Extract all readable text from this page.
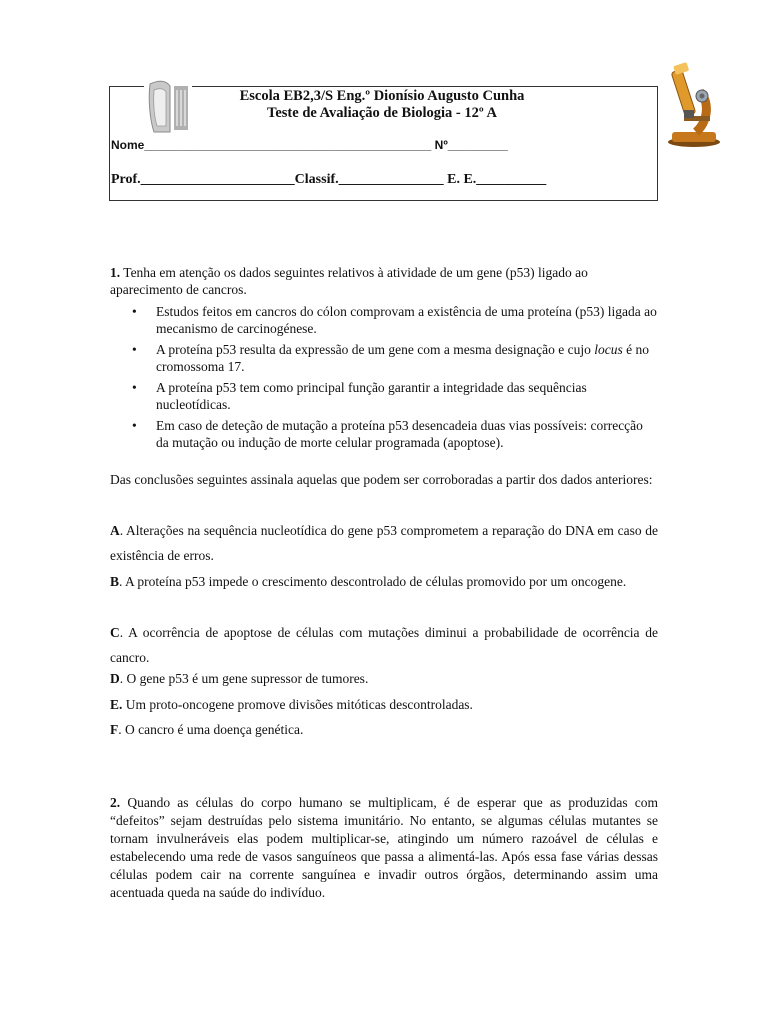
Escola EB2,3/S Eng.º Dionísio Augusto Cunha
Teste de Avaliação de Biologia - 12º A
Nome___________________________________________ Nº_________
Prof.______________________Classif._______________ E. E.__________
1. Tenha em atenção os dados seguintes relativos à atividade de um gene (p53) ligado ao aparecimento de cancros.
• Estudos feitos em cancros do cólon comprovam a existência de uma proteína (p53) ligada ao mecanismo de carcinogénese.
• A proteína p53 resulta da expressão de um gene com a mesma designação e cujo locus é no cromossoma 17.
• A proteína p53 tem como principal função garantir a integridade das sequências nucleotídicas.
• Em caso de deteção de mutação a proteína p53 desencadeia duas vias possíveis: correcção da mutação ou indução de morte celular programada (apoptose).
Das conclusões seguintes assinala aquelas que podem ser corroboradas a partir dos dados anteriores:
A. Alterações na sequência nucleotídica do gene p53 comprometem a reparação do DNA em caso de existência de erros.
B. A proteína p53 impede o crescimento descontrolado de células promovido por um oncogene.
C. A ocorrência de apoptose de células com mutações diminui a probabilidade de ocorrência de cancro.
D. O gene p53 é um gene supressor de tumores.
E. Um proto-oncogene promove divisões mitóticas descontroladas.
F. O cancro é uma doença genética.
2. Quando as células do corpo humano se multiplicam, é de esperar que as produzidas com “defeitos” sejam destruídas pelo sistema imunitário. No entanto, se algumas células mutantes se tornam invulneráveis elas podem multiplicar-se, atingindo um número razoável de células e estabelecendo uma rede de vasos sanguíneos que passa a alimentá-las. Após essa fase várias dessas células podem cair na corrente sanguínea e invadir outros órgãos, determinando assim uma acentuada queda na saúde do indivíduo.
